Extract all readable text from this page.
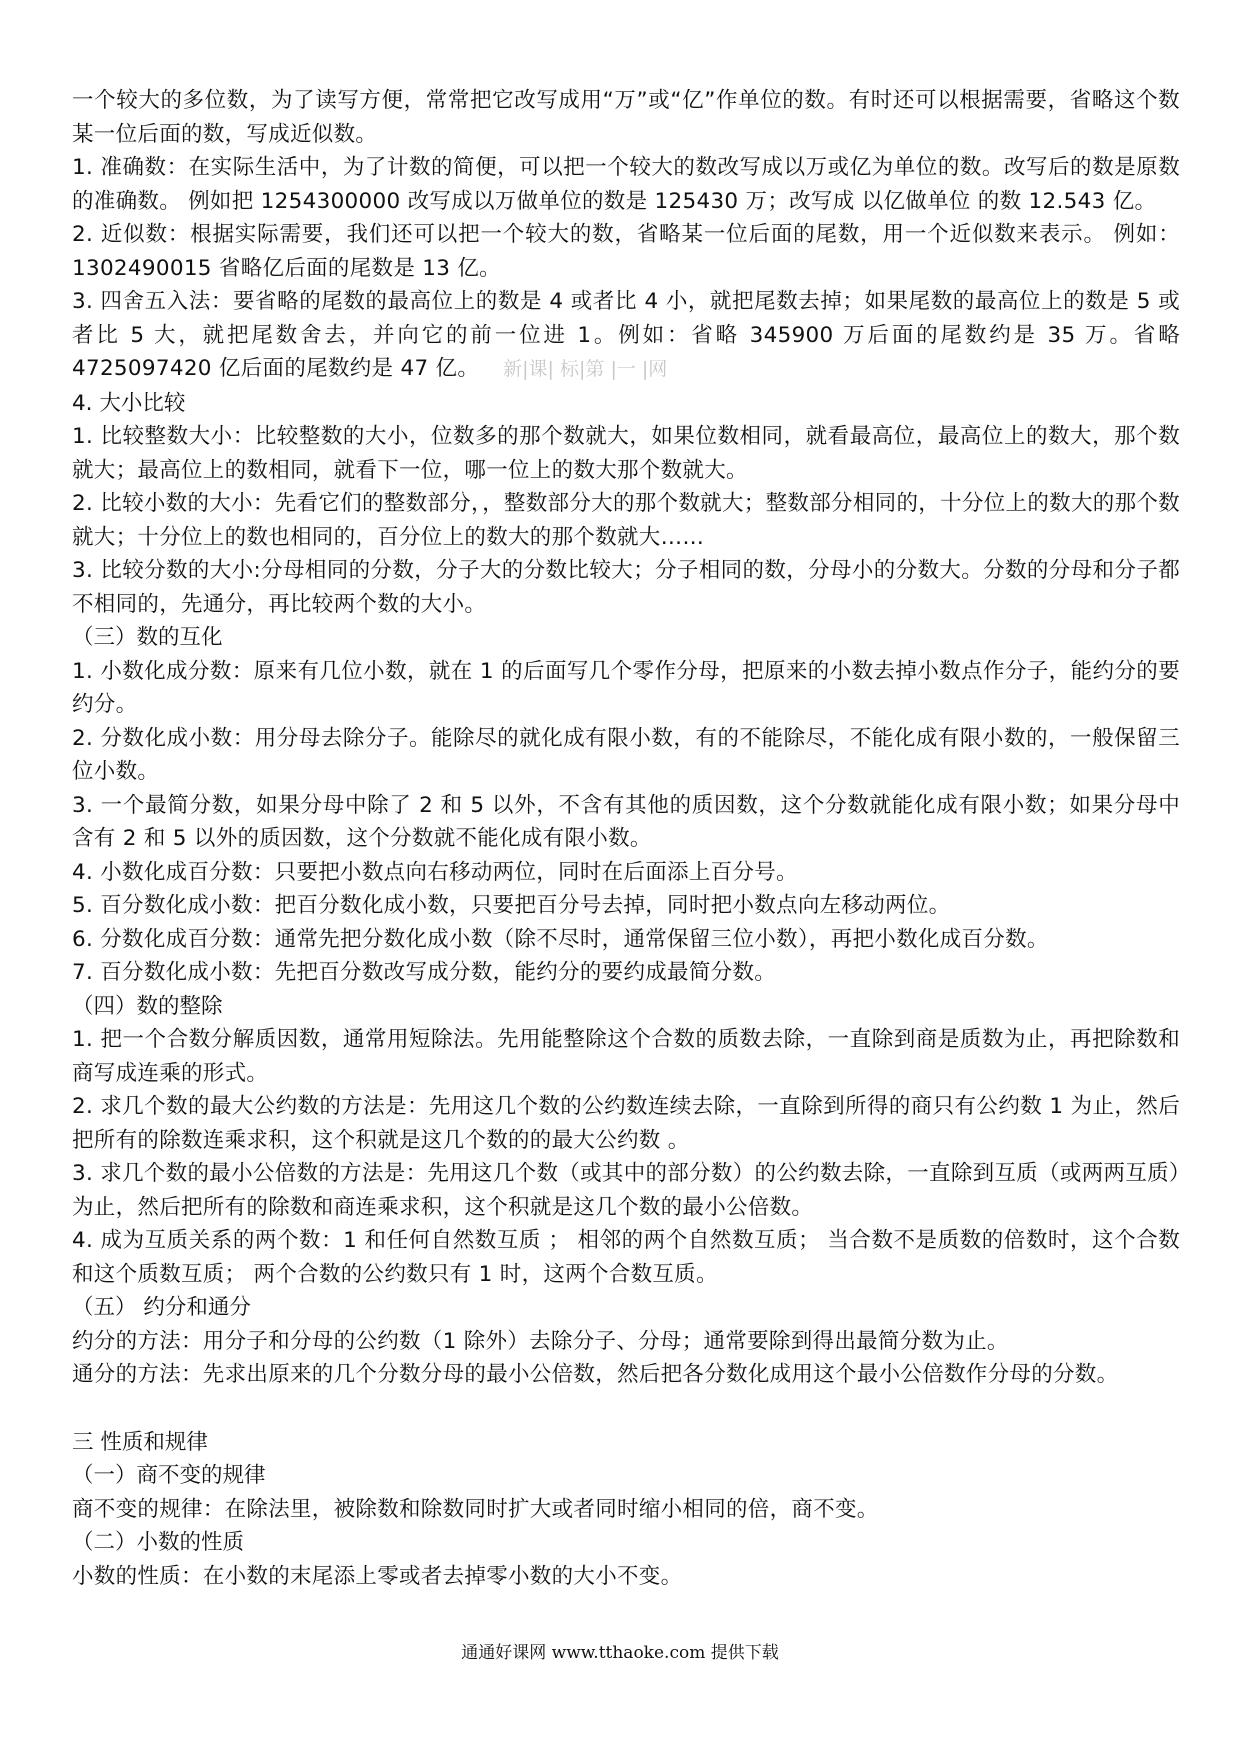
一个较大的多位数，为了读写方便，常常把它改写成用“万”或“亿”作单位的数。有时还可以根据需要，省略这个数某一位后面的数，写成近似数。

1. 准确数：在实际生活中，为了计数的简便，可以把一个较大的数改写成以万或亿为单位的数。改写后的数是原数的准确数。 例如把 1254300000 改写成以万做单位的数是 125430 万；改写成 以亿做单位 的数 12.543 亿。

2. 近似数：根据实际需要，我们还可以把一个较大的数，省略某一位后面的尾数，用一个近似数来表示。 例如： 1302490015 省略亿后面的尾数是 13 亿。

3. 四舍五入法：要省略的尾数的最高位上的数是 4 或者比 4 小，就把尾数去掉；如果尾数的最高位上的数是 5 或者比 5 大，就把尾数舍去，并向它的前一位进 1。例如：省略 345900 万后面的尾数约是 35 万。省略 4725097420 亿后面的尾数约是 47 亿。 新|课| 标|第 |一 |网

4. 大小比较

1. 比较整数大小：比较整数的大小，位数多的那个数就大，如果位数相同，就看最高位，最高位上的数大，那个数就大；最高位上的数相同，就看下一位，哪一位上的数大那个数就大。

2. 比较小数的大小：先看它们的整数部分，，整数部分大的那个数就大；整数部分相同的，十分位上的数大的那个数就大；十分位上的数也相同的，百分位上的数大的那个数就大……

3. 比较分数的大小:分母相同的分数，分子大的分数比较大；分子相同的数，分母小的分数大。分数的分母和分子都不相同的，先通分，再比较两个数的大小。

（三）数的互化

1. 小数化成分数：原来有几位小数，就在 1 的后面写几个零作分母，把原来的小数去掉小数点作分子，能约分的要约分。

2. 分数化成小数：用分母去除分子。能除尽的就化成有限小数，有的不能除尽，不能化成有限小数的，一般保留三位小数。

3. 一个最简分数，如果分母中除了 2 和 5 以外，不含有其他的质因数，这个分数就能化成有限小数；如果分母中含有 2 和 5 以外的质因数，这个分数就不能化成有限小数。

4. 小数化成百分数：只要把小数点向右移动两位，同时在后面添上百分号。

5. 百分数化成小数：把百分数化成小数，只要把百分号去掉，同时把小数点向左移动两位。

6. 分数化成百分数：通常先把分数化成小数（除不尽时，通常保留三位小数），再把小数化成百分数。

7. 百分数化成小数：先把百分数改写成分数，能约分的要约成最简分数。

（四）数的整除

1. 把一个合数分解质因数，通常用短除法。先用能整除这个合数的质数去除，一直除到商是质数为止，再把除数和商写成连乘的形式。

2. 求几个数的最大公约数的方法是：先用这几个数的公约数连续去除，一直除到所得的商只有公约数 1 为止，然后把所有的除数连乘求积，这个积就是这几个数的的最大公约数 。

3. 求几个数的最小公倍数的方法是：先用这几个数（或其中的部分数）的公约数去除，一直除到互质（或两两互质）为止，然后把所有的除数和商连乘求积，这个积就是这几个数的最小公倍数。

4. 成为互质关系的两个数：1 和任何自然数互质 ； 相邻的两个自然数互质； 当合数不是质数的倍数时，这个合数和这个质数互质； 两个合数的公约数只有 1 时，这两个合数互质。

（五） 约分和通分

约分的方法：用分子和分母的公约数（1 除外）去除分子、分母；通常要除到得出最简分数为止。

通分的方法：先求出原来的几个分数分母的最小公倍数，然后把各分数化成用这个最小公倍数作分母的分数。

三 性质和规律

（一）商不变的规律

商不变的规律：在除法里，被除数和除数同时扩大或者同时缩小相同的倍，商不变。

（二）小数的性质

小数的性质：在小数的末尾添上零或者去掉零小数的大小不变。

通通好课网 www.tthaoke.com 提供下载
